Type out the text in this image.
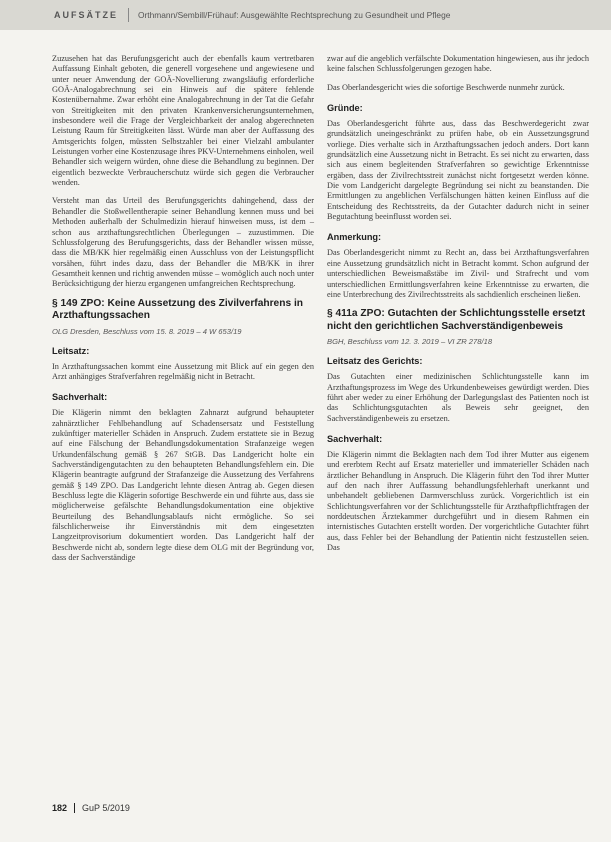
AUFSÄTZE Orthmann/Sembill/Frühauf: Ausgewählte Rechtsprechung zu Gesundheit und Pflege

Zuzusehen hat das Berufungsgericht auch der ebenfalls kaum vertretbaren Auffassung Einhalt geboten, die generell vorgesehene und angewiesene und unter neuer Anwendung der GOÄ-Novellierung zwangsläufig erforderliche GOÄ-Analogabrechnung sei ein Hinweis auf die spätere fehlende Kostenübernahme. Zwar erhöht eine Analogabrechnung in der Tat die Gefahr von Streitigkeiten mit den privaten Krankenversicherungsunternehmen, insbesondere weil die Frage der Vergleichbarkeit der analog abgerechneten Leistung Raum für Streitigkeiten lässt. Würde man aber der Auffassung des Amtsgerichts folgen, müssten Selbstzahler bei einer Vielzahl ambulanter Leistungen vorher eine Kostenzusage ihres PKV-Unternehmens einholen, weil Behandler sich weigern würden, ohne diese die Behandlung zu beginnen. Der eigentlich bezweckte Verbraucherschutz würde sich gegen die Verbraucher wenden.

Versteht man das Urteil des Berufungsgerichts dahingehend, dass der Behandler die Stoßwellentherapie seiner Behandlung kennen muss und bei Methoden außerhalb der Schulmedizin hierauf hinweisen muss, ist dem – schon aus arzthaftungsrechtlichen Überlegungen – zuzustimmen. Die Schlussfolgerung des Berufungsgerichts, dass der Behandler wissen müsse, dass die MB/KK hier regelmäßig einen Ausschluss von der Leistungspflicht vorsähen, führt indes dazu, dass der Behandler die MB/KK in ihrer Gesamtheit kennen und richtig anwenden müsse – womöglich auch noch unter Berücksichtigung der hierzu ergangenen umfangreichen Rechtsprechung.

§ 149 ZPO: Keine Aussetzung des Zivilverfahrens in Arzthaftungssachen

OLG Dresden, Beschluss vom 15. 8. 2019 – 4 W 653/19

Leitsatz:

In Arzthaftungssachen kommt eine Aussetzung mit Blick auf ein gegen den Arzt anhängiges Strafverfahren regelmäßig nicht in Betracht.

Sachverhalt:

Die Klägerin nimmt den beklagten Zahnarzt aufgrund behaupteter zahnärztlicher Fehlbehandlung auf Schadensersatz und Feststellung zukünftiger materieller Schäden in Anspruch. Zudem erstattete sie in Bezug auf eine Fälschung der Behandlungsdokumentation Strafanzeige wegen Urkundenfälschung gemäß § 267 StGB. Das Landgericht holte ein Sachverständigengutachten zu den behaupteten Behandlungsfehlern ein. Die Klägerin beantragte aufgrund der Strafanzeige die Aussetzung des Verfahrens gemäß § 149 ZPO. Das Landgericht lehnte diesen Antrag ab. Gegen diesen Beschluss legte die Klägerin sofortige Beschwerde ein und führte aus, dass sie möglicherweise gefälschte Behandlungsdokumentation eine objektive Beurteilung des Behandlungsablaufs nicht ermögliche. So sei fälschlicherweise ihr Einverständnis mit dem eingesetzten Langzeitprovisorium dokumentiert worden. Das Landgericht half der Beschwerde nicht ab, sondern legte diese dem OLG mit der Begründung vor, dass der Sachverständige

zwar auf die angeblich verfälschte Dokumentation hingewiesen, aus ihr jedoch keine falschen Schlussfolgerungen gezogen habe.

Das Oberlandesgericht wies die sofortige Beschwerde nunmehr zurück.

Gründe:

Das Oberlandesgericht führte aus, dass das Beschwerdegericht zwar grundsätzlich uneingeschränkt zu prüfen habe, ob ein Aussetzungsgrund vorliege. Dies verhalte sich in Arzthaftungssachen jedoch anders. Dort kann grundsätzlich eine Aussetzung nicht in Betracht. Es sei nicht zu erwarten, dass sich aus einem begleitenden Strafverfahren so gewichtige Erkenntnisse ergäben, dass der Zivilrechtsstreit zunächst nicht fortgesetzt werden könne. Die vom Landgericht dargelegte Begründung sei nicht zu beanstanden. Die Ermittlungen zu angeblichen Verfälschungen hätten keinen Einfluss auf die Entscheidung des Rechtsstreits, da der Gutachter dadurch nicht in seiner Begutachtung beeinflusst worden sei.

Anmerkung:

Das Oberlandesgericht nimmt zu Recht an, dass bei Arzthaftungsverfahren eine Aussetzung grundsätzlich nicht in Betracht kommt. Schon aufgrund der unterschiedlichen Beweismaßstäbe im Zivil- und Strafrecht und vom unterschiedlichen Ermittlungsverfahren keine Erkenntnisse zu erwarten, die eine Unterbrechung des Zivilrechtsstreits als sachdienlich erscheinen ließen.

§ 411a ZPO: Gutachten der Schlichtungsstelle ersetzt nicht den gerichtlichen Sachverständigenbeweis

BGH, Beschluss vom 12. 3. 2019 – VI ZR 278/18

Leitsatz des Gerichts:

Das Gutachten einer medizinischen Schlichtungsstelle kann im Arzthaftungsprozess im Wege des Urkundenbeweises gewürdigt werden. Dies führt aber weder zu einer Erhöhung der Darlegungslast des Patienten noch ist das Schlichtungsgutachten als Beweis sehr geeignet, den Sachverständigenbeweis zu ersetzen.

Sachverhalt:

Die Klägerin nimmt die Beklagten nach dem Tod ihrer Mutter aus eigenem und ererbtem Recht auf Ersatz materieller und immaterieller Schäden nach ärztlicher Behandlung in Anspruch. Die Klägerin führt den Tod ihrer Mutter auf den nach ihrer Auffassung behandlungsfehlerhaft unerkannt und unbehandelt gebliebenen Darmverschluss zurück. Vorgerichtlich ist ein Schlichtungsverfahren vor der Schlichtungsstelle für Arzthaftpflichtfragen der norddeutschen Ärztekammer durchgeführt und in diesem Rahmen ein internistisches Gutachten erstellt worden. Der vorgerichtliche Gutachter führt aus, dass Fehler bei der Behandlung der Patientin nicht festzustellen seien. Das

182 GuP 5/2019
